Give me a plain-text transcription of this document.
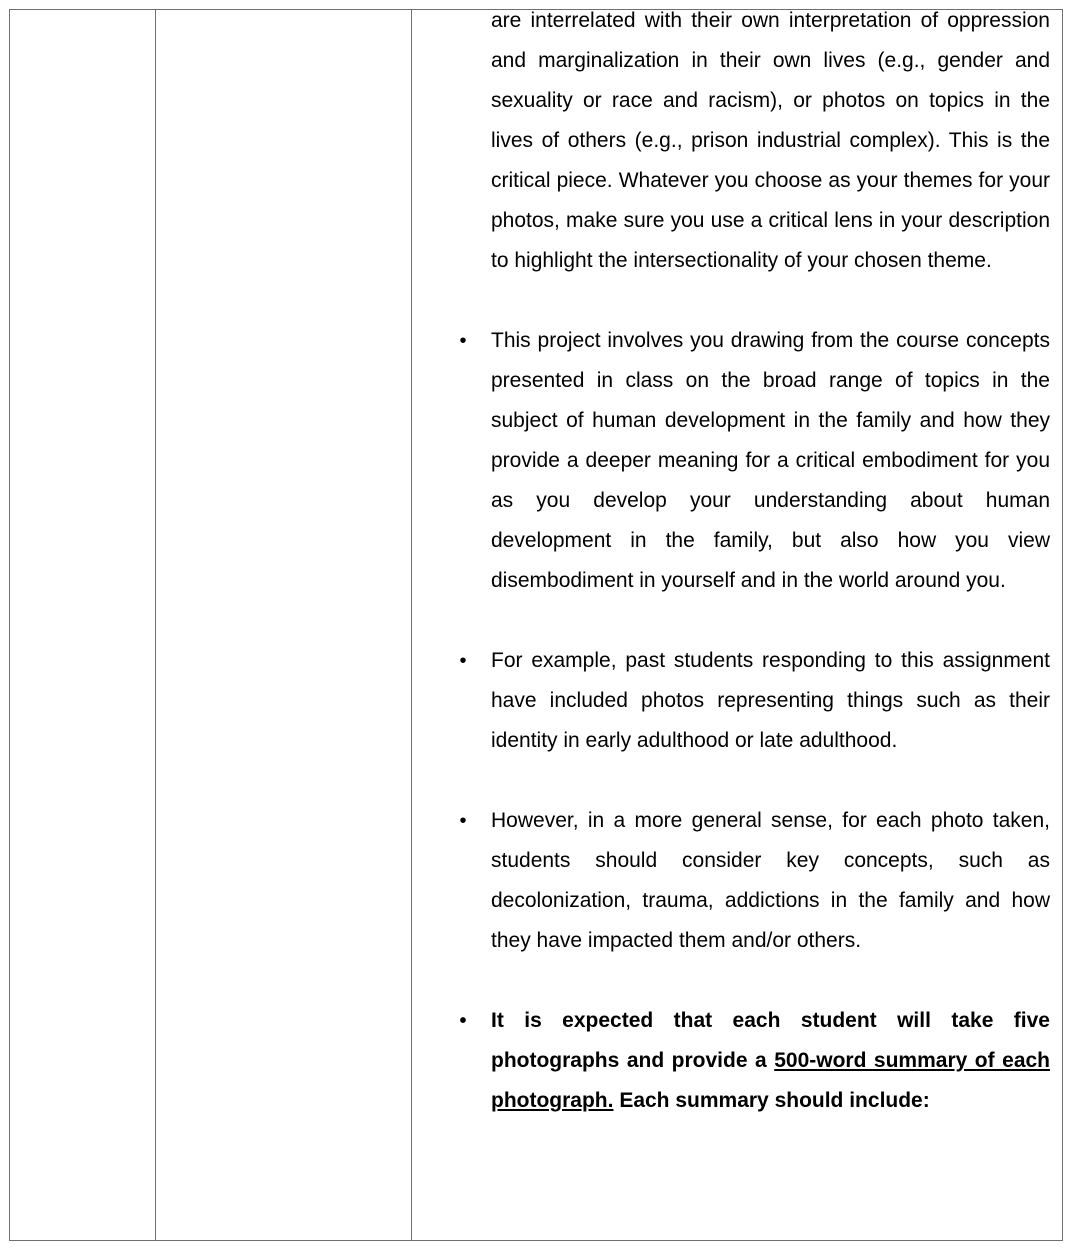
are interrelated with their own interpretation of oppression and marginalization in their own lives (e.g., gender and sexuality or race and racism), or photos on topics in the lives of others (e.g., prison industrial complex). This is the critical piece. Whatever you choose as your themes for your photos, make sure you use a critical lens in your description to highlight the intersectionality of your chosen theme.

• This project involves you drawing from the course concepts presented in class on the broad range of topics in the subject of human development in the family and how they provide a deeper meaning for a critical embodiment for you as you develop your understanding about human development in the family, but also how you view disembodiment in yourself and in the world around you.

• For example, past students responding to this assignment have included photos representing things such as their identity in early adulthood or late adulthood.

• However, in a more general sense, for each photo taken, students should consider key concepts, such as decolonization, trauma, addictions in the family and how they have impacted them and/or others.

• It is expected that each student will take five photographs and provide a 500-word summary of each photograph. Each summary should include:
